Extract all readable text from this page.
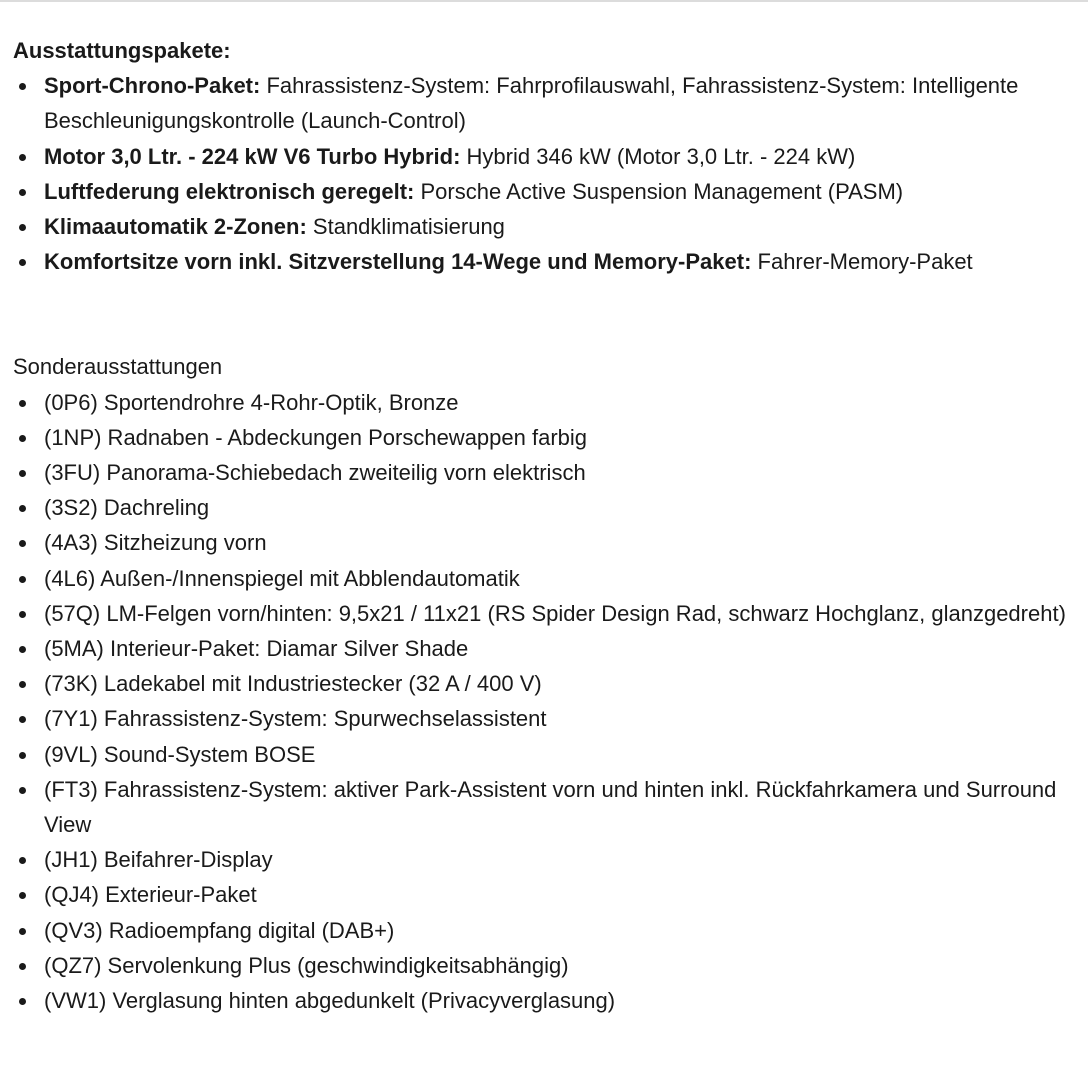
Ausstattungspakete:

Sport-Chrono-Paket: Fahrassistenz-System: Fahrprofilauswahl, Fahrassistenz-System: Intelligente Beschleunigungskontrolle (Launch-Control)
Motor 3,0 Ltr. - 224 kW V6 Turbo Hybrid: Hybrid 346 kW (Motor 3,0 Ltr. - 224 kW)
Luftfederung elektronisch geregelt: Porsche Active Suspension Management (PASM)
Klimaautomatik 2-Zonen: Standklimatisierung
Komfortsitze vorn inkl. Sitzverstellung 14-Wege und Memory-Paket: Fahrer-Memory-Paket

Sonderausstattungen

(0P6) Sportendrohre 4-Rohr-Optik, Bronze
(1NP) Radnaben - Abdeckungen Porschewappen farbig
(3FU) Panorama-Schiebedach zweiteilig vorn elektrisch
(3S2) Dachreling
(4A3) Sitzheizung vorn
(4L6) Außen-/Innenspiegel mit Abblendautomatik
(57Q) LM-Felgen vorn/hinten: 9,5x21 / 11x21 (RS Spider Design Rad, schwarz Hochglanz, glanzgedreht)
(5MA) Interieur-Paket: Diamar Silver Shade
(73K) Ladekabel mit Industriestecker (32 A / 400 V)
(7Y1) Fahrassistenz-System: Spurwechselassistent
(9VL) Sound-System BOSE
(FT3) Fahrassistenz-System: aktiver Park-Assistent vorn und hinten inkl. Rückfahrkamera und Surround View
(JH1) Beifahrer-Display
(QJ4) Exterieur-Paket
(QV3) Radioempfang digital (DAB+)
(QZ7) Servolenkung Plus (geschwindigkeitsabhängig)
(VW1) Verglasung hinten abgedunkelt (Privacyverglasung)
